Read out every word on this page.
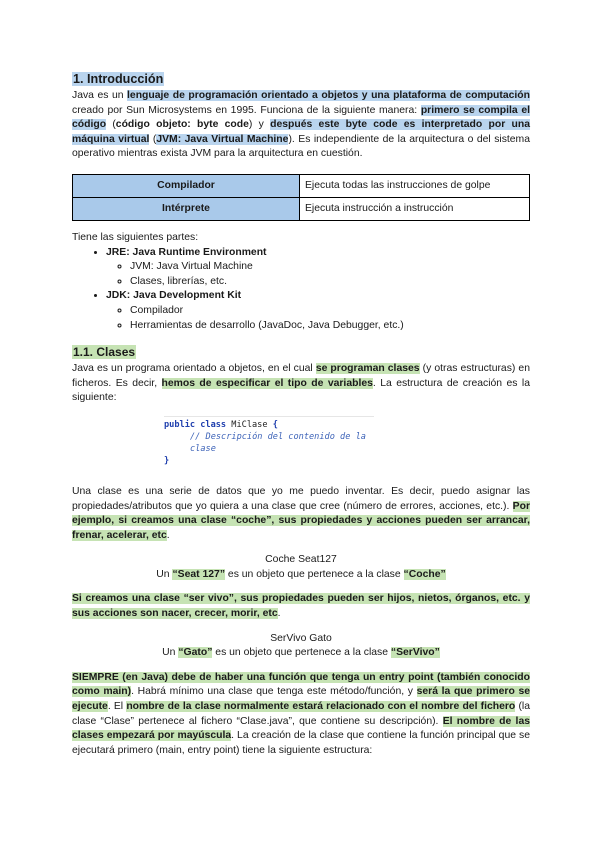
1. Introducción

Java es un lenguaje de programación orientado a objetos y una plataforma de computación creado por Sun Microsystems en 1995. Funciona de la siguiente manera: primero se compila el código (código objeto: byte code) y después este byte code es interpretado por una máquina virtual (JVM: Java Virtual Machine). Es independiente de la arquitectura o del sistema operativo mientras exista JVM para la arquitectura en cuestión.

Compilador	Ejecuta todas las instrucciones de golpe
Intérprete	Ejecuta instrucción a instrucción

Tiene las siguientes partes:

• JRE: Java Runtime Environment
◦ JVM: Java Virtual Machine
◦ Clases, librerías, etc.
• JDK: Java Development Kit
◦ Compilador
◦ Herramientas de desarrollo (JavaDoc, Java Debugger, etc.)
1.1. Clases

Java es un programa orientado a objetos, en el cual se programan clases (y otras estructuras) en ficheros. Es decir, hemos de especificar el tipo de variables. La estructura de creación es la siguiente:

public class MiClase {
// Descripción del contenido de la clase
}

Una clase es una serie de datos que yo me puedo inventar. Es decir, puedo asignar las propiedades/atributos que yo quiera a una clase que cree (número de errores, acciones, etc.). Por ejemplo, si creamos una clase “coche”, sus propiedades y acciones pueden ser arrancar, frenar, acelerar, etc.

Coche Seat127
Un “Seat 127” es un objeto que pertenece a la clase “Coche”

Si creamos una clase “ser vivo”, sus propiedades pueden ser hijos, nietos, órganos, etc. y sus acciones son nacer, crecer, morir, etc.

SerVivo Gato
Un “Gato” es un objeto que pertenece a la clase “SerVivo”

SIEMPRE (en Java) debe de haber una función que tenga un entry point (también conocido como main). Habrá mínimo una clase que tenga este método/función, y será la que primero se ejecute. El nombre de la clase normalmente estará relacionado con el nombre del fichero (la clase “Clase” pertenece al fichero “Clase.java”, que contiene su descripción). El nombre de las clases empezará por mayúscula. La creación de la clase que contiene la función principal que se ejecutará primero (main, entry point) tiene la siguiente estructura:
